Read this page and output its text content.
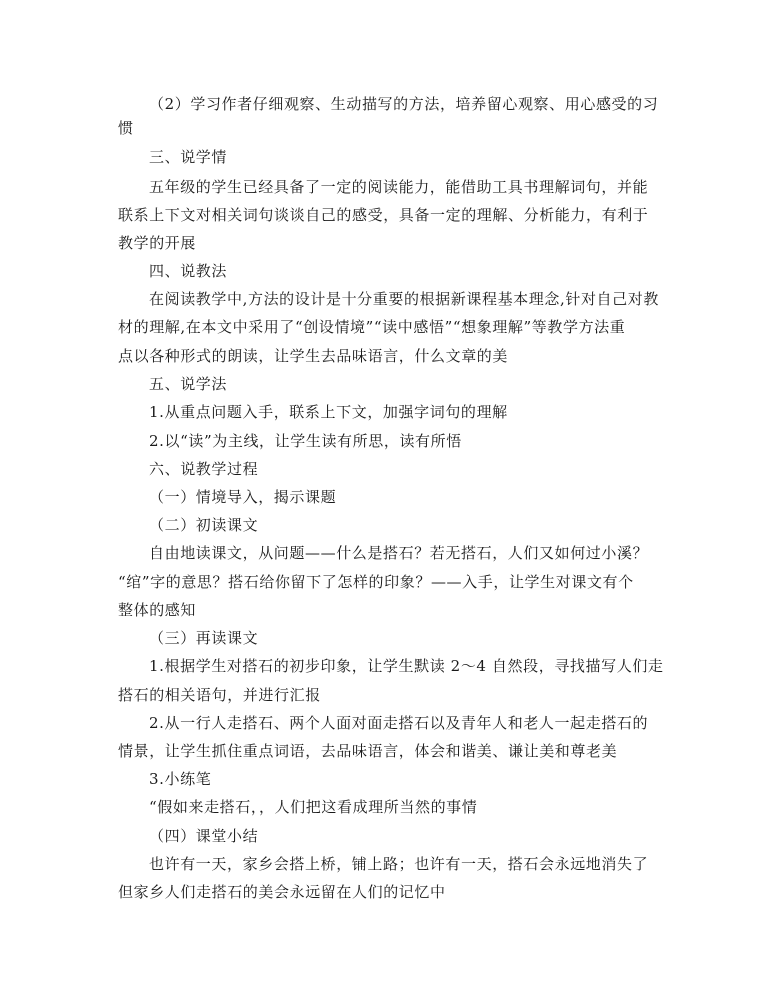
（2）学习作者仔细观察、生动描写的方法，培养留心观察、用心感受的习
惯
三、说学情
五年级的学生已经具备了一定的阅读能力，能借助工具书理解词句，并能
联系上下文对相关词句谈谈自己的感受，具备一定的理解、分析能力，有利于
教学的开展
四、说教法
在阅读教学中,方法的设计是十分重要的根据新课程基本理念,针对自己对教
材的理解,在本文中采用了“创设情境”“读中感悟”“想象理解”等教学方法重
点以各种形式的朗读，让学生去品味语言，什么文章的美
五、说学法
1.从重点问题入手，联系上下文，加强字词句的理解
2.以“读”为主线，让学生读有所思，读有所悟
六、说教学过程
（一）情境导入，揭示课题
（二）初读课文
自由地读课文，从问题——什么是搭石？若无搭石，人们又如何过小溪？
“绾”字的意思？搭石给你留下了怎样的印象？——入手，让学生对课文有个
整体的感知
（三）再读课文
1.根据学生对搭石的初步印象，让学生默读 2～4 自然段，寻找描写人们走
搭石的相关语句，并进行汇报
2.从一行人走搭石、两个人面对面走搭石以及青年人和老人一起走搭石的
情景，让学生抓住重点词语，去品味语言，体会和谐美、谦让美和尊老美
3.小练笔
“假如来走搭石，，人们把这看成理所当然的事情
（四）课堂小结
也许有一天，家乡会搭上桥，铺上路；也许有一天，搭石会永远地消失了
但家乡人们走搭石的美会永远留在人们的记忆中
